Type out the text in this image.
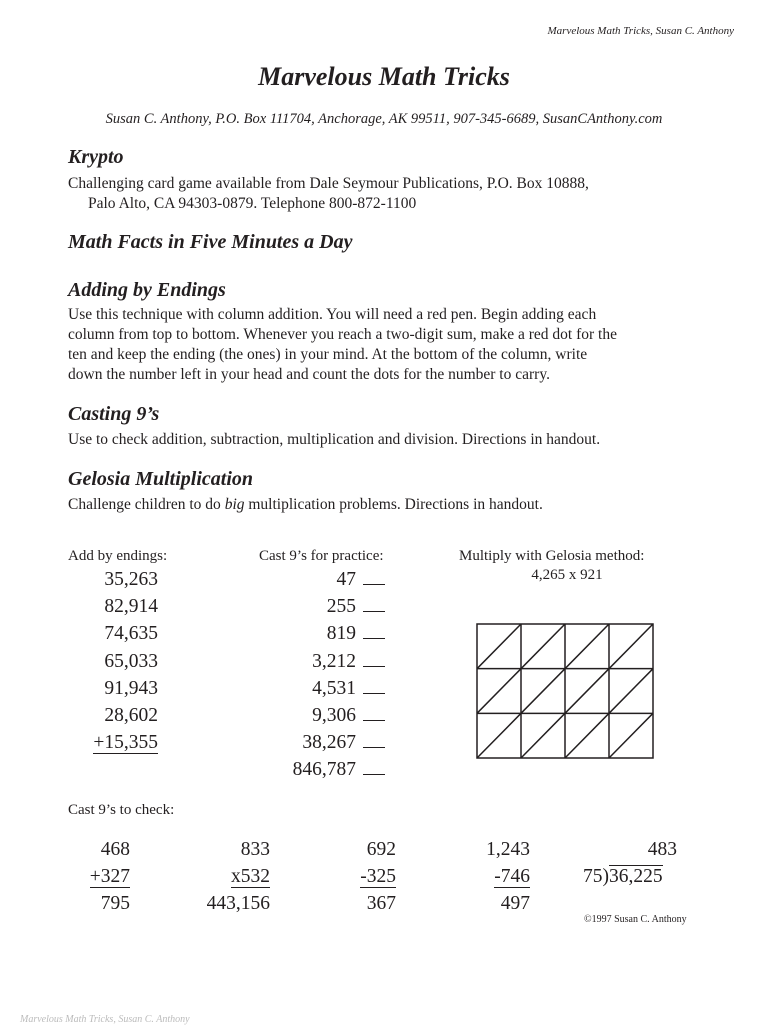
Marvelous Math Tricks, Susan C. Anthony
Marvelous Math Tricks
Susan C. Anthony, P.O. Box 111704, Anchorage, AK 99511, 907-345-6689, SusanCAnthony.com
Krypto
Challenging card game available from Dale Seymour Publications, P.O. Box 10888,
Palo Alto, CA 94303-0879. Telephone 800-872-1100
Math Facts in Five Minutes a Day
Adding by Endings
Use this technique with column addition. You will need a red pen. Begin adding each
column from top to bottom. Whenever you reach a two-digit sum, make a red dot for the
ten and keep the ending (the ones) in your mind. At the bottom of the column, write
down the number left in your head and count the dots for the number to carry.
Casting 9’s
Use to check addition, subtraction, multiplication and division. Directions in handout.
Gelosia Multiplication
Challenge children to do big multiplication problems. Directions in handout.
Add by endings:	Cast 9’s for practice:	Multiply with Gelosia method:
4,265 x 921
35,263
82,914
74,635
65,033
91,943
28,602
+15,355
47
255
819
3,212
4,531
9,306
38,267
846,787
Cast 9’s to check:
468
+327
795
833
x532
443,156
692
-325
367
1,243
-746
497
483
75)36,225
©1997 Susan C. Anthony
Marvelous Math Tricks, Susan C. Anthony
